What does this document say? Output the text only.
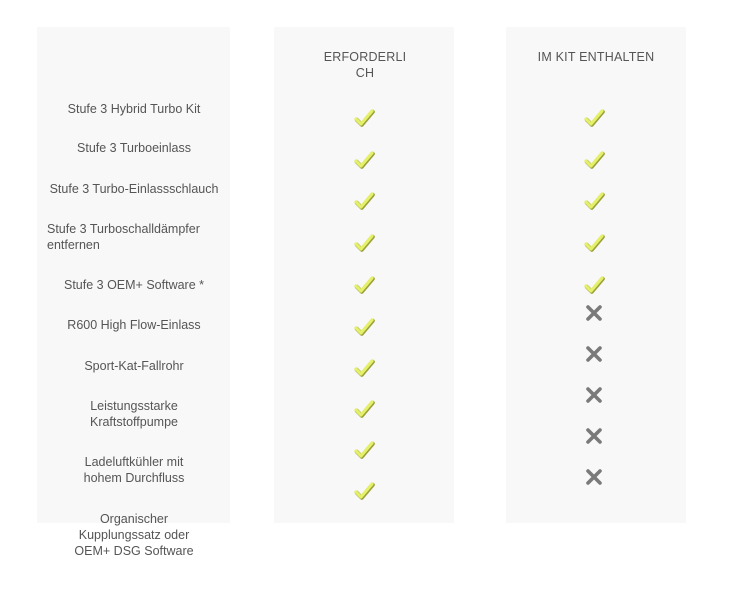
ERFORDERLICH
IM KIT ENTHALTEN
Stufe 3 Hybrid Turbo Kit
Stufe 3 Turboeinlass
Stufe 3 Turbo-Einlassschlauch
Stufe 3 Turboschalldämpfer entfernen
Stufe 3 OEM+ Software *
R600 High Flow-Einlass
Sport-Kat-Fallrohr
Leistungsstarke Kraftstoffpumpe
Ladeluftkühler mit hohem Durchfluss
Organischer Kupplungssatz oder OEM+ DSG Software
